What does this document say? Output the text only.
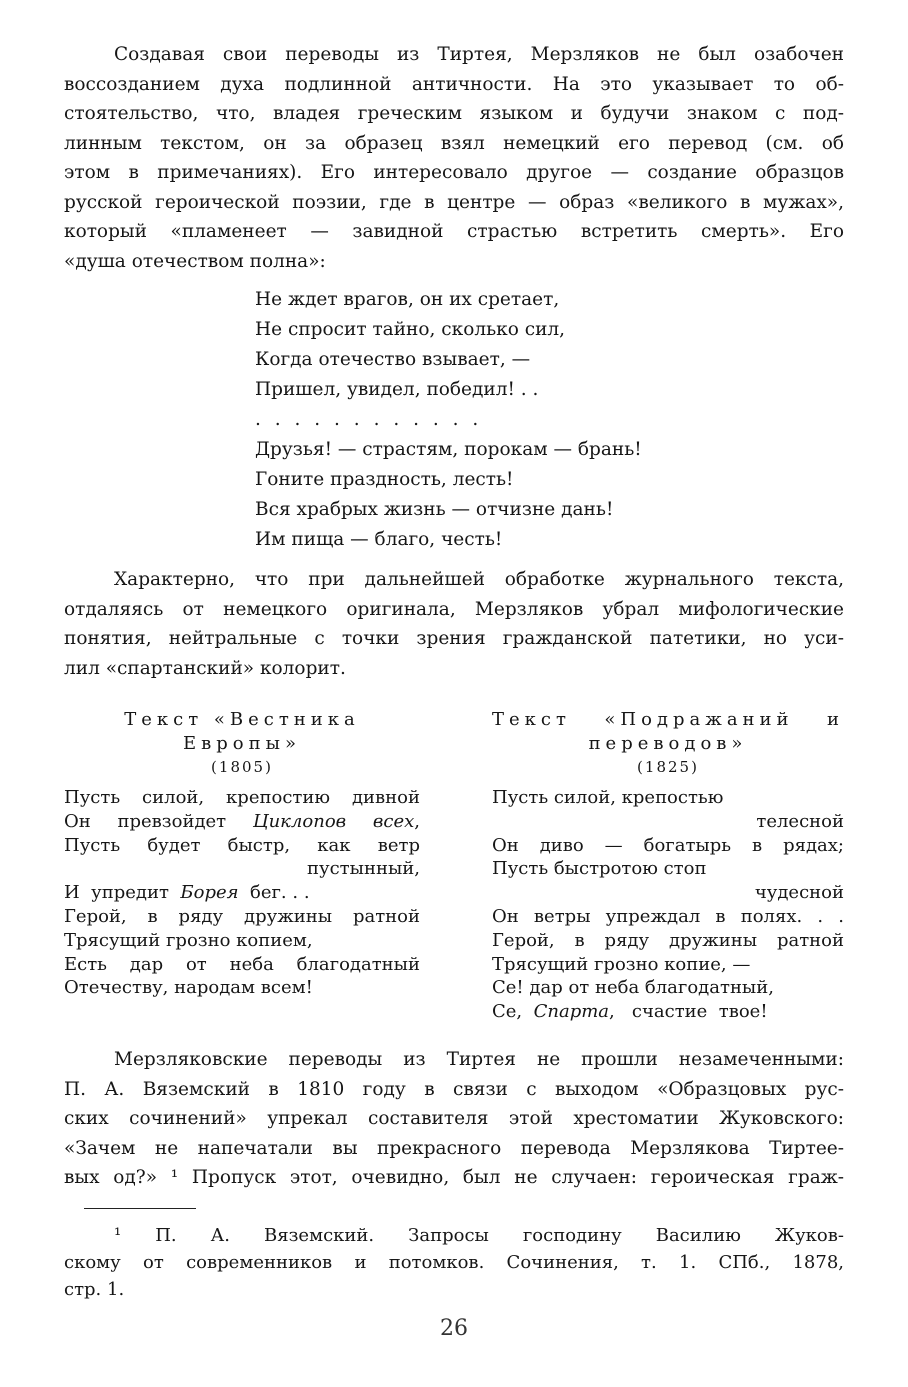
Создавая свои переводы из Тиртея, Мерзляков не был озабочен
воссозданием духа подлинной античности. На это указывает то об-
стоятельство, что, владея греческим языком и будучи знаком с под-
линным текстом, он за образец взял немецкий его перевод (см. об
этом в примечаниях). Его интересовало другое — создание образцов
русской героической поэзии, где в центре — образ «великого в мужах»,
который «пламенеет — завидной страстью встретить смерть». Его
«душа отечеством полна»:
Не ждет врагов, он их сретает,
Не спросит тайно, сколько сил,
Когда отечество взывает, —
Пришел, увидел, победил! . .
. . . . . . . . . . . .
Друзья! — страстям, порокам — брань!
Гоните праздность, лесть!
Вся храбрых жизнь — отчизне дань!
Им пища — благо, честь!
Характерно, что при дальнейшей обработке журнального текста,
отдаляясь от немецкого оригинала, Мерзляков убрал мифологические
понятия, нейтральные с точки зрения гражданской патетики, но уси-
лил «спартанский» колорит.
Текст «Вестника
Европы»
(1805)
Пусть силой, крепостию дивной
Он превзойдет Циклопов всех,
Пусть будет быстр, как ветр
пустынный,
И  упредит  Борея  бег. . .
Герой, в ряду дружины ратной
Трясущий грозно копием,
Есть дар от неба благодатный
Отечеству, народам всем!
Текст «Подражаний и
переводов»
(1825)
Пусть силой, крепостью
телесной
Он диво — богатырь в рядах;
Пусть быстротою стоп
чудесной
Он ветры упреждал в полях. . .
Герой, в ряду дружины ратной
Трясущий грозно копие, —
Се! дар от неба благодатный,
Се,  Спарта,   счастие  твое!
Мерзляковские переводы из Тиртея не прошли незамеченными:
П. А. Вяземский в 1810 году в связи с выходом «Образцовых рус-
ских сочинений» упрекал составителя этой хрестоматии Жуковского:
«Зачем не напечатали вы прекрасного перевода Мерзлякова Тиртее-
вых од?» ¹ Пропуск этот, очевидно, был не случаен: героическая граж-
¹ П. А. Вяземский. Запросы господину Василию Жуков-
скому от современников и потомков. Сочинения, т. 1. СПб., 1878,
стр. 1.
26
